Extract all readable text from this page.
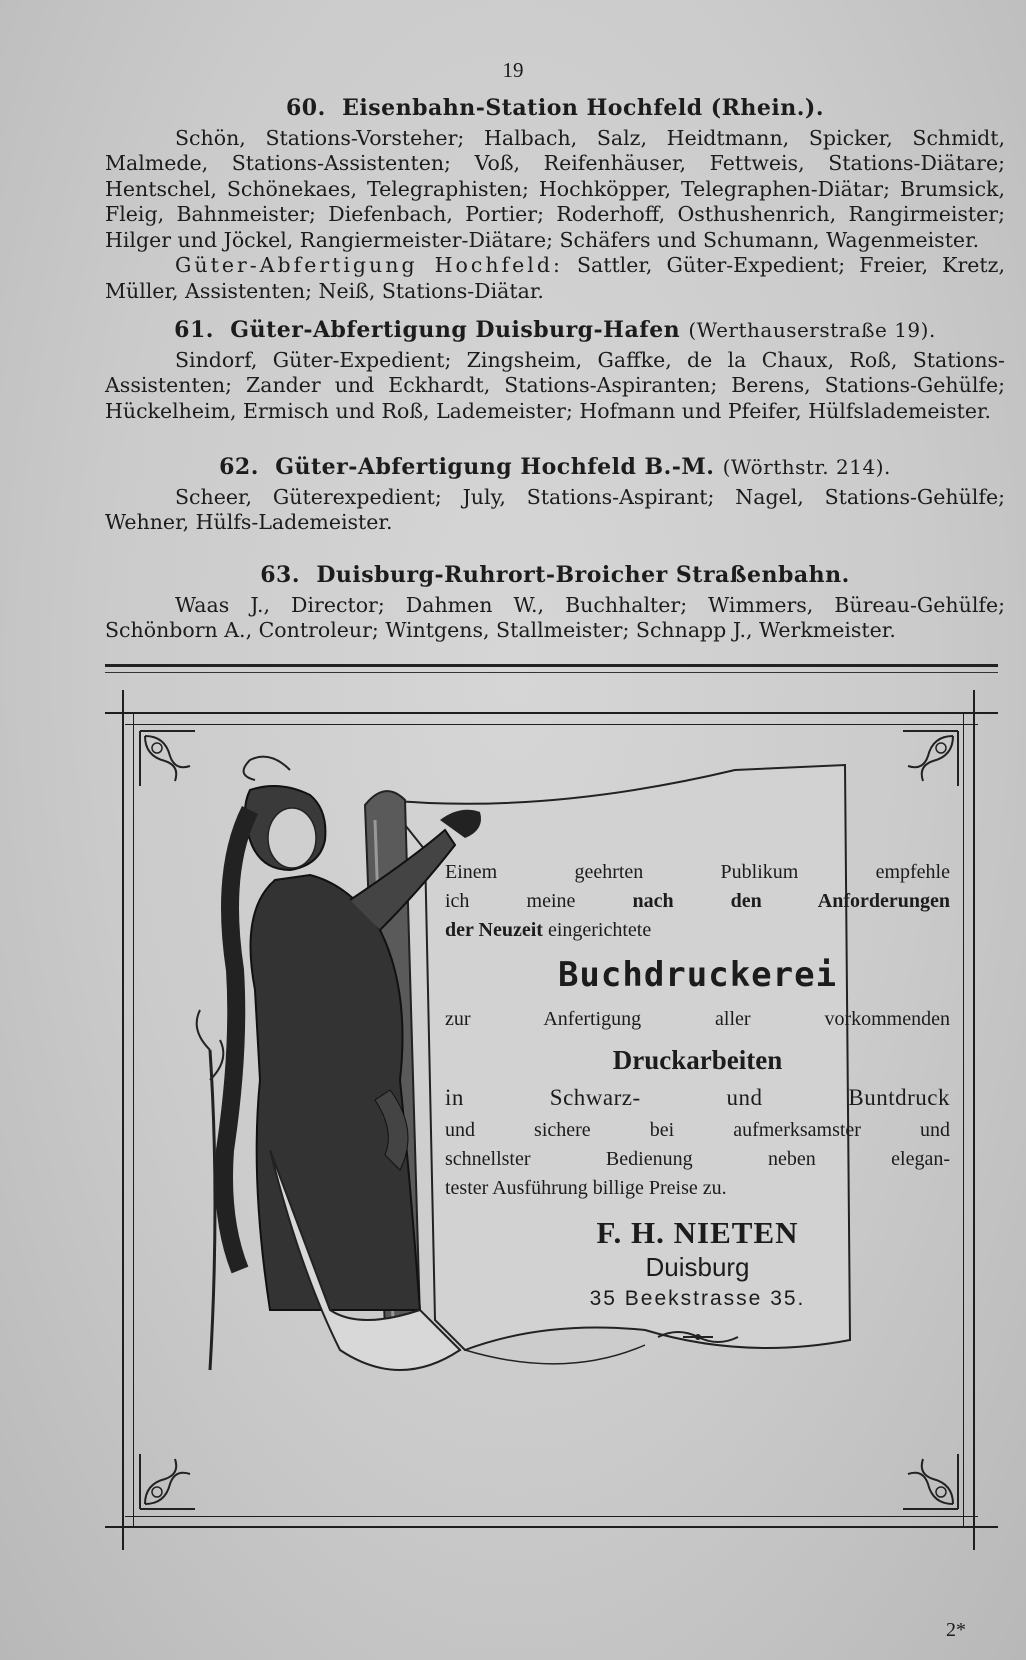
19
60. Eisenbahn-Station Hochfeld (Rhein.).

Schön, Stations-Vorsteher; Halbach, Salz, Heidtmann, Spicker, Schmidt, Malmede, Stations-Assistenten; Voß, Reifenhäuser, Fettweis, Stations-Diätare; Hentschel, Schönekaes, Telegraphisten; Hochköpper, Telegraphen-Diätar; Brumsick, Fleig, Bahnmeister; Diefenbach, Portier; Roderhoff, Osthushenrich, Rangirmeister; Hilger und Jöckel, Rangiermeister-Diätare; Schäfers und Schumann, Wagenmeister.

Güter-Abfertigung Hochfeld: Sattler, Güter-Expedient; Freier, Kretz, Müller, Assistenten; Neiß, Stations-Diätar.

61. Güter-Abfertigung Duisburg-Hafen (Werthauserstraße 19).

Sindorf, Güter-Expedient; Zingsheim, Gaffke, de la Chaux, Roß, Stations-Assistenten; Zander und Eckhardt, Stations-Aspiranten; Berens, Stations-Gehülfe; Hückelheim, Ermisch und Roß, Lademeister; Hofmann und Pfeifer, Hülfslademeister.

62. Güter-Abfertigung Hochfeld B.-M. (Wörthstr. 214).

Scheer, Güterexpedient; July, Stations-Aspirant; Nagel, Stations-Gehülfe; Wehner, Hülfs-Lademeister.

63. Duisburg-Ruhrort-Broicher Straßenbahn.

Waas J., Director; Dahmen W., Buchhalter; Wimmers, Büreau-Gehülfe; Schönborn A., Controleur; Wintgens, Stallmeister; Schnapp J., Werkmeister.

Einem geehrten Publikum empfehle
ich meine	nach den Anforderungen
der Neuzeit eingerichtete
Buchdruckerei
zur Anfertigung aller vorkommenden
Druckarbeiten
in Schwarz- und Buntdruck
und sichere bei aufmerksamster und
schnellster Bedienung neben elegan-
tester Ausführung billige Preise zu.
F. H. NIETEN
Duisburg
35 Beekstrasse 35.
2*
